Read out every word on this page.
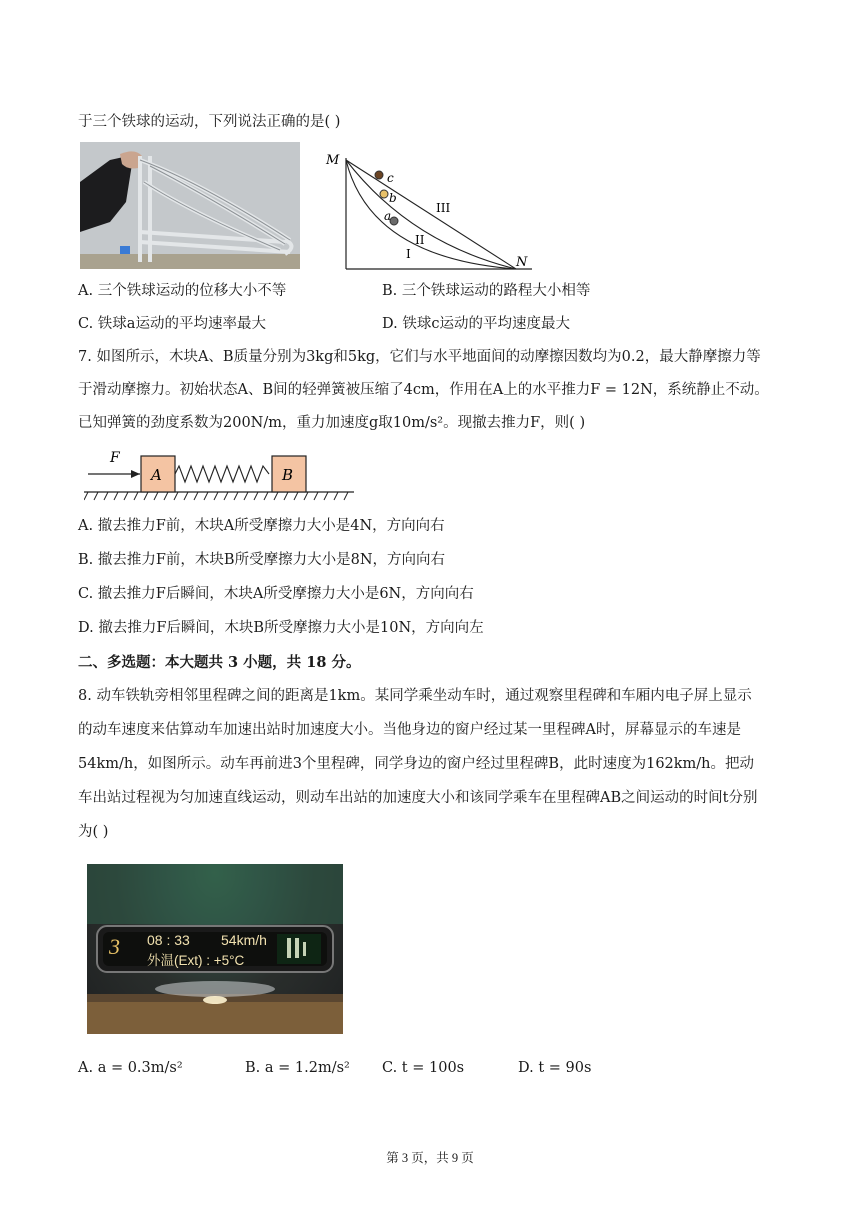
于三个铁球的运动，下列说法正确的是( )
M
N
c
b
a
I
II
III
A. 三个铁球运动的位移大小不等	B. 三个铁球运动的路程大小相等
C. 铁球a运动的平均速率最大	D. 铁球c运动的平均速度最大
7. 如图所示，木块A、B质量分别为3kg和5kg，它们与水平地面间的动摩擦因数均为0.2，最大静摩擦力等
于滑动摩擦力。初始状态A、B间的轻弹簧被压缩了4cm，作用在A上的水平推力F = 12N，系统静止不动。
已知弹簧的劲度系数为200N/m，重力加速度g取10m/s²。现撤去推力F，则( )
F
A	B
A. 撤去推力F前，木块A所受摩擦力大小是4N，方向向右
B. 撤去推力F前，木块B所受摩擦力大小是8N，方向向右
C. 撤去推力F后瞬间，木块A所受摩擦力大小是6N，方向向右
D. 撤去推力F后瞬间，木块B所受摩擦力大小是10N，方向向左
二、多选题：本大题共 3 小题，共 18 分。
8. 动车铁轨旁相邻里程碑之间的距离是1km。某同学乘坐动车时，通过观察里程碑和车厢内电子屏上显示
的动车速度来估算动车加速出站时加速度大小。当他身边的窗户经过某一里程碑A时，屏幕显示的车速是
54km/h，如图所示。动车再前进3个里程碑，同学身边的窗户经过里程碑B，此时速度为162km/h。把动
车出站过程视为匀加速直线运动，则动车出站的加速度大小和该同学乘车在里程碑AB之间运动的时间t分别
为( )
3 08 : 33 54km/h
外温(Ext) : +5°C
A. a = 0.3m/s²	B. a = 1.2m/s² C. t = 100s	D. t = 90s
第 3 页，共 9 页
